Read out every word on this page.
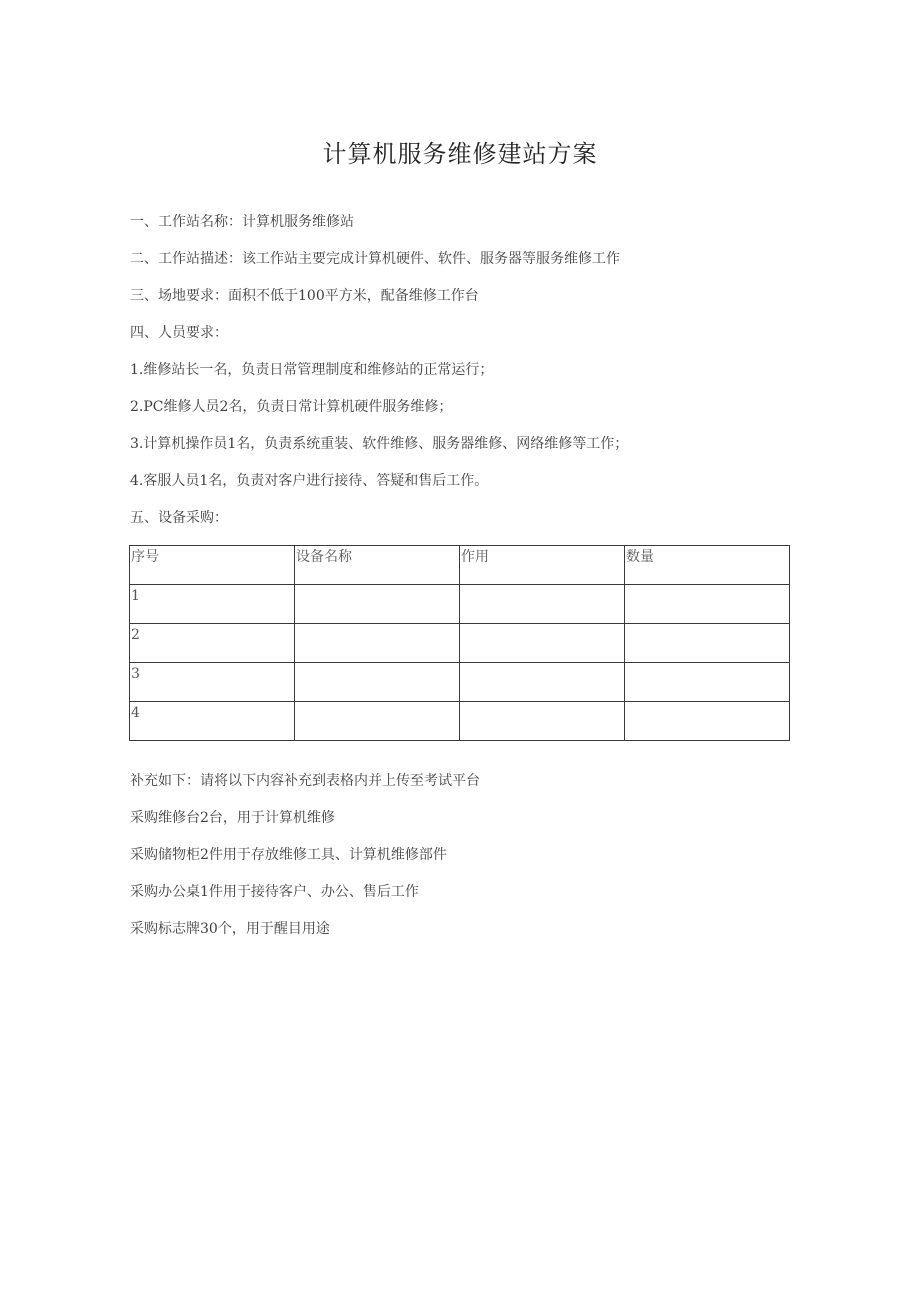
计算机服务维修建站方案
一、工作站名称：计算机服务维修站
二、工作站描述：该工作站主要完成计算机硬件、软件、服务器等服务维修工作
三、场地要求：面积不低于100平方米，配备维修工作台
四、人员要求：
1.维修站长一名，负责日常管理制度和维修站的正常运行；
2.PC维修人员2名，负责日常计算机硬件服务维修；
3.计算机操作员1名，负责系统重装、软件维修、服务器维修、网络维修等工作；
4.客服人员1名，负责对客户进行接待、答疑和售后工作。
五、设备采购：
序号	设备名称	作用	数量
1			
2			
3			
4			
补充如下：请将以下内容补充到表格内并上传至考试平台
采购维修台2台，用于计算机维修
采购储物柜2件用于存放维修工具、计算机维修部件
采购办公桌1件用于接待客户、办公、售后工作
采购标志牌30个，用于醒目用途
